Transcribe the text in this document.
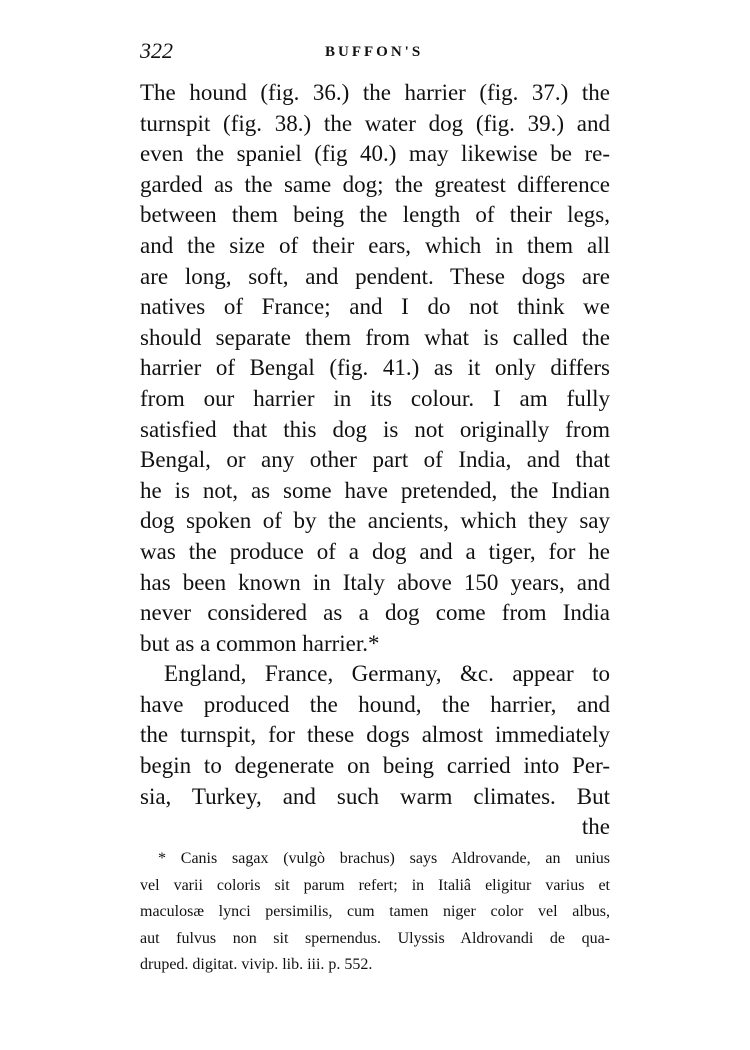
322	BUFFON'S
The hound (fig. 36.) the harrier (fig. 37.) the
turnspit (fig. 38.) the water dog (fig. 39.) and
even the spaniel (fig 40.) may likewise be re-
garded as the same dog; the greatest difference
between them being the length of their legs,
and the size of their ears, which in them all
are long, soft, and pendent. These dogs are
natives of France; and I do not think we
should separate them from what is called the
harrier of Bengal (fig. 41.) as it only differs
from our harrier in its colour. I am fully
satisfied that this dog is not originally from
Bengal, or any other part of India, and that
he is not, as some have pretended, the Indian
dog spoken of by the ancients, which they say
was the produce of a dog and a tiger, for he
has been known in Italy above 150 years, and
never considered as a dog come from India
but as a common harrier.*
England, France, Germany, &c. appear to
have produced the hound, the harrier, and
the turnspit, for these dogs almost immediately
begin to degenerate on being carried into Per-
sia, Turkey, and such warm climates. But
the
* Canis sagax (vulgò brachus) says Aldrovande, an unius
vel varii coloris sit parum refert; in Italiâ eligitur varius et
maculosæ lynci persimilis, cum tamen niger color vel albus,
aut fulvus non sit spernendus. Ulyssis Aldrovandi de qua-
druped. digitat. vivip. lib. iii. p. 552.
